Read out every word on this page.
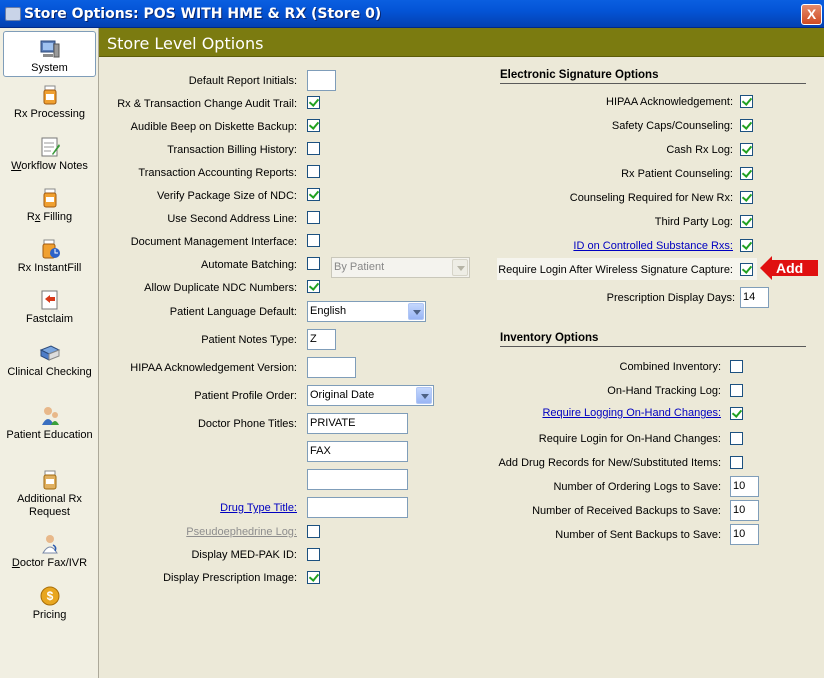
Store Options: POS WITH HME & RX (Store 0)	X
System
Rx Processing
Workflow Notes
Rx Filling
Rx InstantFill
Fastclaim
Clinical Checking
Patient Education
Additional Rx Request
Doctor Fax/IVR
$
Pricing
Store Level Options
Default Report Initials:
Rx & Transaction Change Audit Trail:
Audible Beep on Diskette Backup:
Transaction Billing History:
Transaction Accounting Reports:
Verify Package Size of NDC:
Use Second Address Line:
Document Management Interface:
Automate Batching:	By Patient
Allow Duplicate NDC Numbers:
Patient Language Default: English
Patient Notes Type: Z
HIPAA Acknowledgement Version:
Patient Profile Order: Original Date
Doctor Phone Titles: PRIVATE
FAX
Drug Type Title:
Pseudoephedrine Log:
Display MED-PAK ID:
Display Prescription Image:
Electronic Signature Options
HIPAA Acknowledgement:
Safety Caps/Counseling:
Cash Rx Log:
Rx Patient Counseling:
Counseling Required for New Rx:
Third Party Log:
ID on Controlled Substance Rxs:
Require Login After Wireless Signature Capture:	Add
Prescription Display Days: 14
Inventory Options
Combined Inventory:
On-Hand Tracking Log:
Require Logging On-Hand Changes:
Require Login for On-Hand Changes:
Add Drug Records for New/Substituted Items:
Number of Ordering Logs to Save: 10
Number of Received Backups to Save: 10
Number of Sent Backups to Save: 10
